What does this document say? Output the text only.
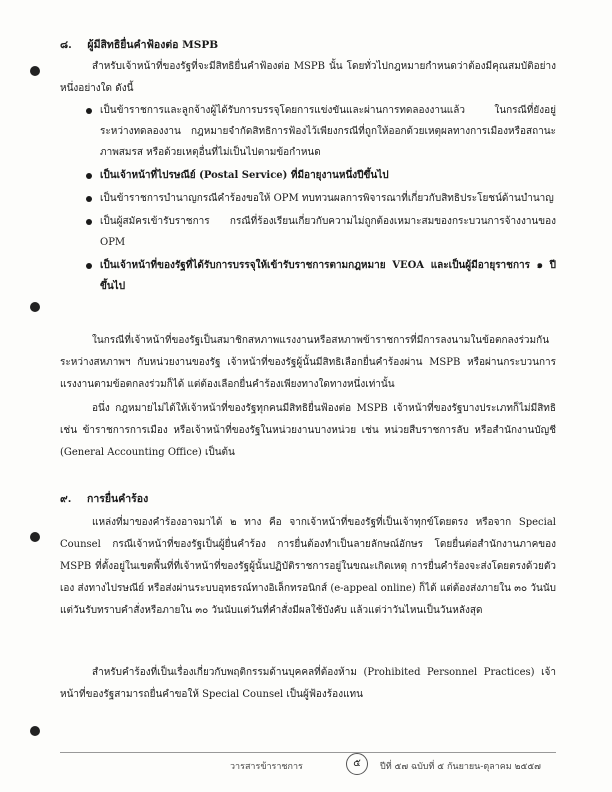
๘. ผู้มีสิทธิยื่นคำฟ้องต่อ MSPB
สำหรับเจ้าหน้าที่ของรัฐที่จะมีสิทธิยื่นคำฟ้องต่อ MSPB นั้น โดยทั่วไปกฎหมายกำหนดว่าต้องมีคุณสมบัติอย่างหนึ่งอย่างใด ดังนี้
เป็นข้าราชการและลูกจ้างผู้ได้รับการบรรจุโดยการแข่งขันและผ่านการทดลองงานแล้ว ในกรณีที่ยังอยู่ระหว่างทดลองงาน กฎหมายจำกัดสิทธิการฟ้องไว้เพียงกรณีที่ถูกให้ออกด้วยเหตุผลทางการเมืองหรือสถานะภาพสมรส หรือด้วยเหตุอื่นที่ไม่เป็นไปตามข้อกำหนด
เป็นเจ้าหน้าที่ไปรษณีย์ (Postal Service) ที่มีอายุงานหนึ่งปีขึ้นไป
เป็นข้าราชการบำนาญกรณีคำร้องขอให้ OPM ทบทวนผลการพิจารณาที่เกี่ยวกับสิทธิประโยชน์ด้านบำนาญ
เป็นผู้สมัครเข้ารับราชการ กรณีที่ร้องเรียนเกี่ยวกับความไม่ถูกต้องเหมาะสมของกระบวนการจ้างงานของ OPM
เป็นเจ้าหน้าที่ของรัฐที่ได้รับการบรรจุให้เข้ารับราชการตามกฎหมาย VEOA และเป็นผู้มีอายุราชการ ๑ ปีขึ้นไป
ในกรณีที่เจ้าหน้าที่ของรัฐเป็นสมาชิกสหภาพแรงงานหรือสหภาพข้าราชการที่มีการลงนามในข้อตกลงร่วมกันระหว่างสหภาพฯ กับหน่วยงานของรัฐ เจ้าหน้าที่ของรัฐผู้นั้นมีสิทธิเลือกยื่นคำร้องผ่าน MSPB หรือผ่านกระบวนการแรงงานตามข้อตกลงร่วมก็ได้ แต่ต้องเลือกยื่นคำร้องเพียงทางใดทางหนึ่งเท่านั้น
อนึ่ง กฎหมายไม่ได้ให้เจ้าหน้าที่ของรัฐทุกคนมีสิทธิยื่นฟ้องต่อ MSPB เจ้าหน้าที่ของรัฐบางประเภทก็ไม่มีสิทธิ เช่น ข้าราชการการเมือง หรือเจ้าหน้าที่ของรัฐในหน่วยงานบางหน่วย เช่น หน่วยสืบราชการลับ หรือสำนักงานบัญชี (General Accounting Office) เป็นต้น
๙. การยื่นคำร้อง
แหล่งที่มาของคำร้องอาจมาได้ ๒ ทาง คือ จากเจ้าหน้าที่ของรัฐที่เป็นเจ้าทุกข์โดยตรง หรือจาก Special Counsel กรณีเจ้าหน้าที่ของรัฐเป็นผู้ยื่นคำร้อง การยื่นต้องทำเป็นลายลักษณ์อักษร โดยยื่นต่อสำนักงานภาคของ MSPB ที่ตั้งอยู่ในเขตพื้นที่ที่เจ้าหน้าที่ของรัฐผู้นั้นปฏิบัติราชการอยู่ในขณะเกิดเหตุ การยื่นคำร้องจะส่งโดยตรงด้วยตัวเอง ส่งทางไปรษณีย์ หรือส่งผ่านระบบอุทธรณ์ทางอิเล็กทรอนิกส์ (e-appeal online) ก็ได้ แต่ต้องส่งภายใน ๓๐ วันนับแต่วันรับทราบคำสั่งหรือภายใน ๓๐ วันนับแต่วันที่คำสั่งมีผลใช้บังคับ แล้วแต่ว่าวันไหนเป็นวันหลังสุด
สำหรับคำร้องที่เป็นเรื่องเกี่ยวกับพฤติกรรมด้านบุคคลที่ต้องห้าม (Prohibited Personnel Practices) เจ้าหน้าที่ของรัฐสามารถยื่นคำขอให้ Special Counsel เป็นผู้ฟ้องร้องแทน
วารสารข้าราชการ	๕	ปีที่ ๕๗ ฉบับที่ ๕ กันยายน-ตุลาคม ๒๕๕๗
